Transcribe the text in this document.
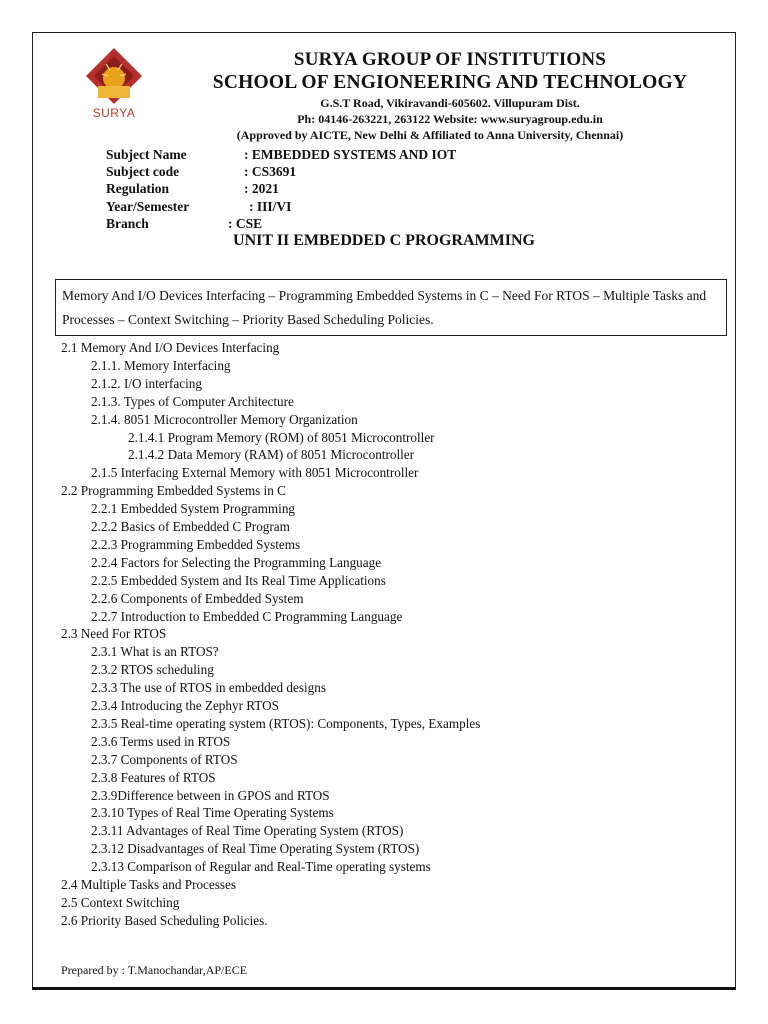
SURYA
SURYA GROUP OF INSTITUTIONS
SCHOOL OF ENGIONEERING AND TECHNOLOGY
G.S.T Road, Vikiravandi-605602. Villupuram Dist.
Ph: 04146-263221, 263122 Website: www.suryagroup.edu.in
(Approved by AICTE, New Delhi & Affiliated to Anna University, Chennai)
Subject Name	: EMBEDDED SYSTEMS AND IOT
Subject code	: CS3691
Regulation	: 2021
Year/Semester	: III/VI
Branch	: CSE
UNIT II EMBEDDED C PROGRAMMING
Memory And I/O Devices Interfacing – Programming Embedded Systems in C – Need For RTOS – Multiple Tasks and Processes – Context Switching – Priority Based Scheduling Policies.
2.1 Memory And I/O Devices Interfacing
2.1.1. Memory Interfacing
2.1.2. I/O interfacing
2.1.3. Types of Computer Architecture
2.1.4. 8051 Microcontroller Memory Organization
2.1.4.1 Program Memory (ROM) of 8051 Microcontroller
2.1.4.2 Data Memory (RAM) of 8051 Microcontroller
2.1.5 Interfacing External Memory with 8051 Microcontroller
2.2 Programming Embedded Systems in C
2.2.1 Embedded System Programming
2.2.2 Basics of Embedded C Program
2.2.3 Programming Embedded Systems
2.2.4 Factors for Selecting the Programming Language
2.2.5 Embedded System and Its Real Time Applications
2.2.6 Components of Embedded System
2.2.7 Introduction to Embedded C Programming Language
2.3 Need For RTOS
2.3.1 What is an RTOS?
2.3.2 RTOS scheduling
2.3.3 The use of RTOS in embedded designs
2.3.4 Introducing the Zephyr RTOS
2.3.5 Real-time operating system (RTOS): Components, Types, Examples
2.3.6 Terms used in RTOS
2.3.7 Components of RTOS
2.3.8 Features of RTOS
2.3.9Difference between in GPOS and RTOS
2.3.10 Types of Real Time Operating Systems
2.3.11 Advantages of Real Time Operating System (RTOS)
2.3.12 Disadvantages of Real Time Operating System (RTOS)
2.3.13 Comparison of Regular and Real-Time operating systems
2.4 Multiple Tasks and Processes
2.5 Context Switching
2.6 Priority Based Scheduling Policies.
Prepared by : T.Manochandar,AP/ECE
